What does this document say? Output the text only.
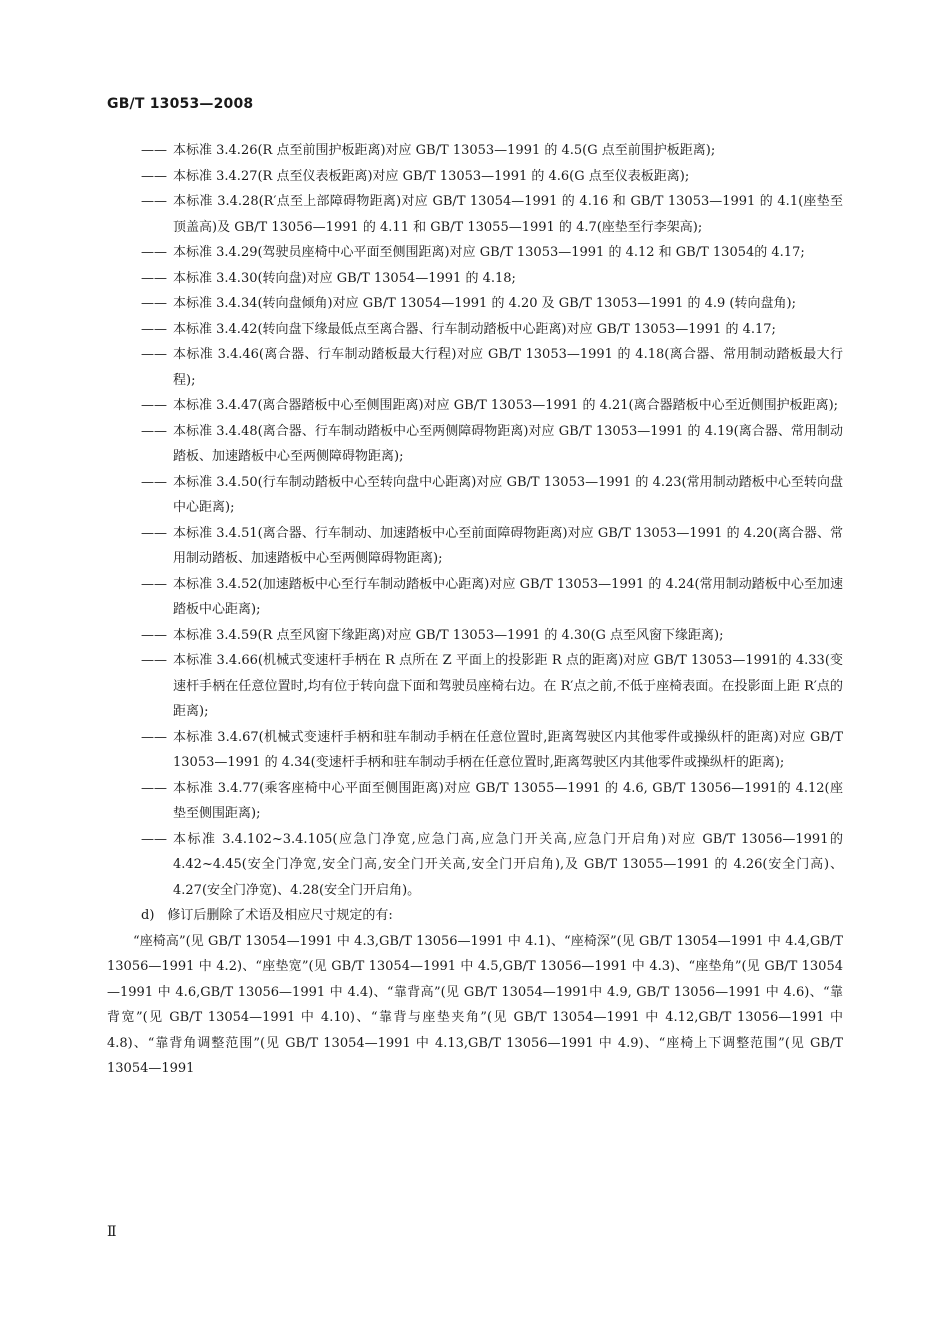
GB/T 13053—2008
—— 本标准 3.4.26(R 点至前围护板距离)对应 GB/T 13053—1991 的 4.5(G 点至前围护板距离);
—— 本标准 3.4.27(R 点至仪表板距离)对应 GB/T 13053—1991 的 4.6(G 点至仪表板距离);
—— 本标准 3.4.28(R′点至上部障碍物距离)对应 GB/T 13054—1991 的 4.16 和 GB/T 13053—1991 的 4.1(座垫至顶盖高)及 GB/T 13056—1991 的 4.11 和 GB/T 13055—1991 的 4.7(座垫至行李架高);
—— 本标准 3.4.29(驾驶员座椅中心平面至侧围距离)对应 GB/T 13053—1991 的 4.12 和 GB/T 13054的 4.17;
—— 本标准 3.4.30(转向盘)对应 GB/T 13054—1991 的 4.18;
—— 本标准 3.4.34(转向盘倾角)对应 GB/T 13054—1991 的 4.20 及 GB/T 13053—1991 的 4.9 (转向盘角);
—— 本标准 3.4.42(转向盘下缘最低点至离合器、行车制动踏板中心距离)对应 GB/T 13053—1991 的 4.17;
—— 本标准 3.4.46(离合器、行车制动踏板最大行程)对应 GB/T 13053—1991 的 4.18(离合器、常用制动踏板最大行程);
—— 本标准 3.4.47(离合器踏板中心至侧围距离)对应 GB/T 13053—1991 的 4.21(离合器踏板中心至近侧围护板距离);
—— 本标准 3.4.48(离合器、行车制动踏板中心至两侧障碍物距离)对应 GB/T 13053—1991 的 4.19(离合器、常用制动踏板、加速踏板中心至两侧障碍物距离);
—— 本标准 3.4.50(行车制动踏板中心至转向盘中心距离)对应 GB/T 13053—1991 的 4.23(常用制动踏板中心至转向盘中心距离);
—— 本标准 3.4.51(离合器、行车制动、加速踏板中心至前面障碍物距离)对应 GB/T 13053—1991 的 4.20(离合器、常用制动踏板、加速踏板中心至两侧障碍物距离);
—— 本标准 3.4.52(加速踏板中心至行车制动踏板中心距离)对应 GB/T 13053—1991 的 4.24(常用制动踏板中心至加速踏板中心距离);
—— 本标准 3.4.59(R 点至风窗下缘距离)对应 GB/T 13053—1991 的 4.30(G 点至风窗下缘距离);
—— 本标准 3.4.66(机械式变速杆手柄在 R 点所在 Z 平面上的投影距 R 点的距离)对应 GB/T 13053—1991的 4.33(变速杆手柄在任意位置时,均有位于转向盘下面和驾驶员座椅右边。在 R′点之前,不低于座椅表面。在投影面上距 R′点的距离);
—— 本标准 3.4.67(机械式变速杆手柄和驻车制动手柄在任意位置时,距离驾驶区内其他零件或操纵杆的距离)对应 GB/T 13053—1991 的 4.34(变速杆手柄和驻车制动手柄在任意位置时,距离驾驶区内其他零件或操纵杆的距离);
—— 本标准 3.4.77(乘客座椅中心平面至侧围距离)对应 GB/T 13055—1991 的 4.6, GB/T 13056—1991的 4.12(座垫至侧围距离);
—— 本标准 3.4.102~3.4.105(应急门净宽,应急门高,应急门开关高,应急门开启角)对应 GB/T 13056—1991的 4.42~4.45(安全门净宽,安全门高,安全门开关高,安全门开启角),及 GB/T 13055—1991 的 4.26(安全门高)、4.27(安全门净宽)、4.28(安全门开启角)。
d)　修订后删除了术语及相应尺寸规定的有:
“座椅高”(见 GB/T 13054—1991 中 4.3,GB/T 13056—1991 中 4.1)、“座椅深”(见 GB/T 13054—1991 中 4.4,GB/T 13056—1991 中 4.2)、“座垫宽”(见 GB/T 13054—1991 中 4.5,GB/T 13056—1991 中 4.3)、“座垫角”(见 GB/T 13054—1991 中 4.6,GB/T 13056—1991 中 4.4)、“靠背高”(见 GB/T 13054—1991中 4.9, GB/T 13056—1991 中 4.6)、“靠背宽”(见 GB/T 13054—1991 中 4.10)、“靠背与座垫夹角”(见 GB/T 13054—1991 中 4.12,GB/T 13056—1991 中 4.8)、“靠背角调整范围”(见 GB/T 13054—1991 中 4.13,GB/T 13056—1991 中 4.9)、“座椅上下调整范围”(见 GB/T 13054—1991
Ⅱ
